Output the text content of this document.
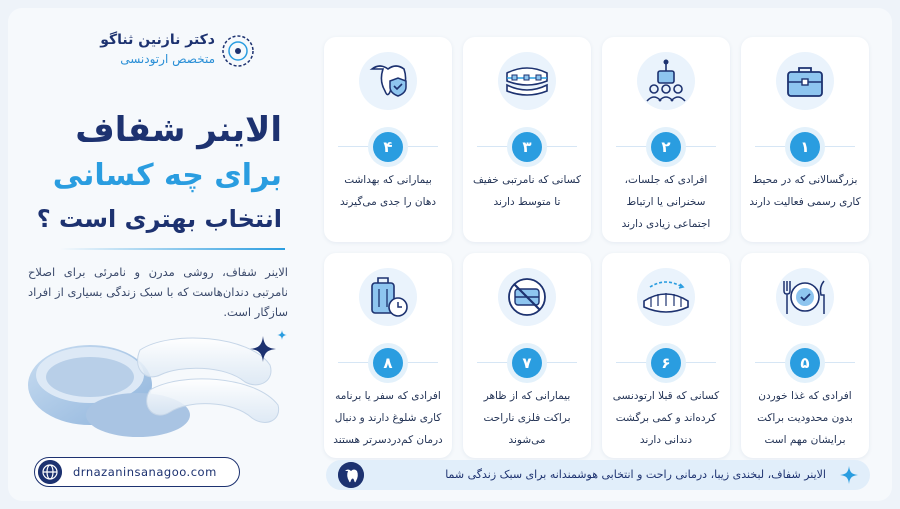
دکتر نازنین ثناگو
متخصص ارتودنسی
الاینر شفاف
برای چه کسانی
انتخاب بهتری است ؟
الاینر شفاف، روشی مدرن و نامرئی برای اصلاح نامرتبی دندان‌هاست که با سبک زندگی بسیاری از افراد سازگار است.
drnazaninsanagoo.com
۱
بزرگسالانی که در محیط کاری رسمی فعالیت دارند
۲
افرادی که جلسات، سخنرانی یا ارتباط اجتماعی زیادی دارند
۳
کسانی که نامرتبی خفیف تا متوسط دارند
۴
بیمارانی که بهداشت دهان را جدی می‌گیرند
۵
افرادی که غذا خوردن بدون محدودیت براکت برایشان مهم است
۶
کسانی که قبلا ارتودنسی کرده‌اند و کمی برگشت دندانی دارند
۷
بیمارانی که از ظاهر براکت فلزی ناراحت می‌شوند
۸
افرادی که سفر یا برنامه کاری شلوغ دارند و دنبال درمان کم‌دردسرتر هستند
الاینر شفاف، لبخندی زیبا، درمانی راحت و انتخابی هوشمندانه برای سبک زندگی شما
